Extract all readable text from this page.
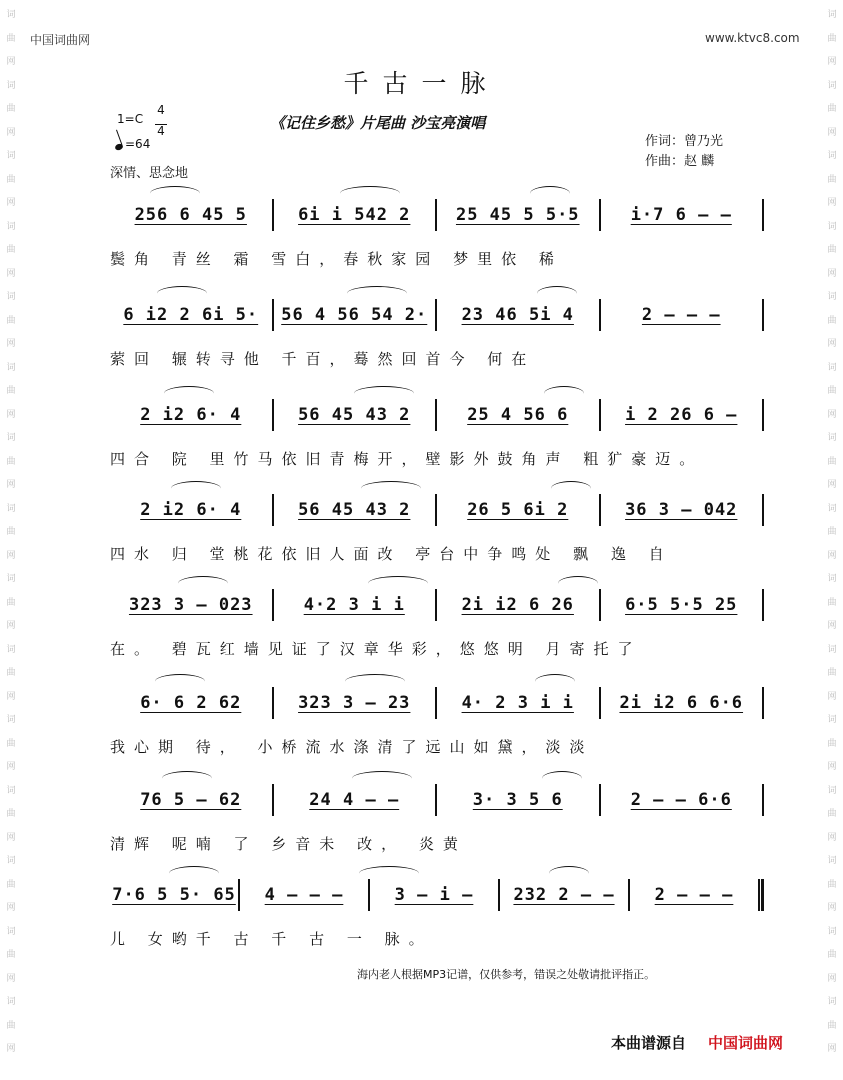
词
曲
网
词
曲
网
词
曲
网
词
曲
网
词
曲
网
词
曲
网
词
曲
网
词
曲
网
词
曲
网
词
曲
网
词
曲
网
词
曲
网
词
曲
网
词
曲
网
词
曲
网
词
曲
网
词
曲
网
词
曲
网
词
曲
网
词
曲
网
词
曲
网
词
曲
网
词
曲
网
词
曲
网
词
曲
网
词
曲
网
词
曲
网
词
曲
网
词
曲
网
词
曲
网
中国词曲网	www.ktvc8.com
千古一脉
《记住乡愁》片尾曲 沙宝亮演唱
作词：曾乃光
作曲：赵 麟
1=C
4
4
=64
深情、思念地
256 6 45 5	6i i 542 2	25 45 5 5·5	i·7 6 – –
鬓角 青丝 霜 雪白，春秋家园 梦里依 稀
6 i2 2 6i 5·	56 4 56 54 2·	23 46 5i 4	2 – – –
萦回 辗转寻他 千百，蓦然回首今 何在
2 i2 6· 4	56 45 43 2	25 4 56 6	i 2 26 6 –
四合 院 里竹马依旧青梅开，壁影外鼓角声 粗犷豪迈。
2 i2 6· 4	56 45 43 2	26 5 6i 2	36 3 – 042
四水 归 堂桃花依旧人面改 亭台中争鸣处 飘 逸 自
323 3 – 023	4·2 3 i i	2i i2 6 26	6·5 5·5 25
在。 碧瓦红墙见证了汉章华彩，悠悠明 月寄托了
6· 6 2 62	323 3 – 23	4· 2 3 i i	2i i2 6 6·6
我心期 待， 小桥流水涤清了远山如黛，淡淡
76 5 – 62	24 4 – –	3· 3 5 6	2 – – 6·6
清辉 呢喃 了 乡音未 改， 炎黄
7·6 5 5· 65	4 – – –	3 – i –	232 2 – –	2 – – –
儿 女哟千 古 千 古 一 脉。
海内老人根据MP3记谱，仅供参考，错误之处敬请批评指正。
本曲谱源自 中国词曲网
